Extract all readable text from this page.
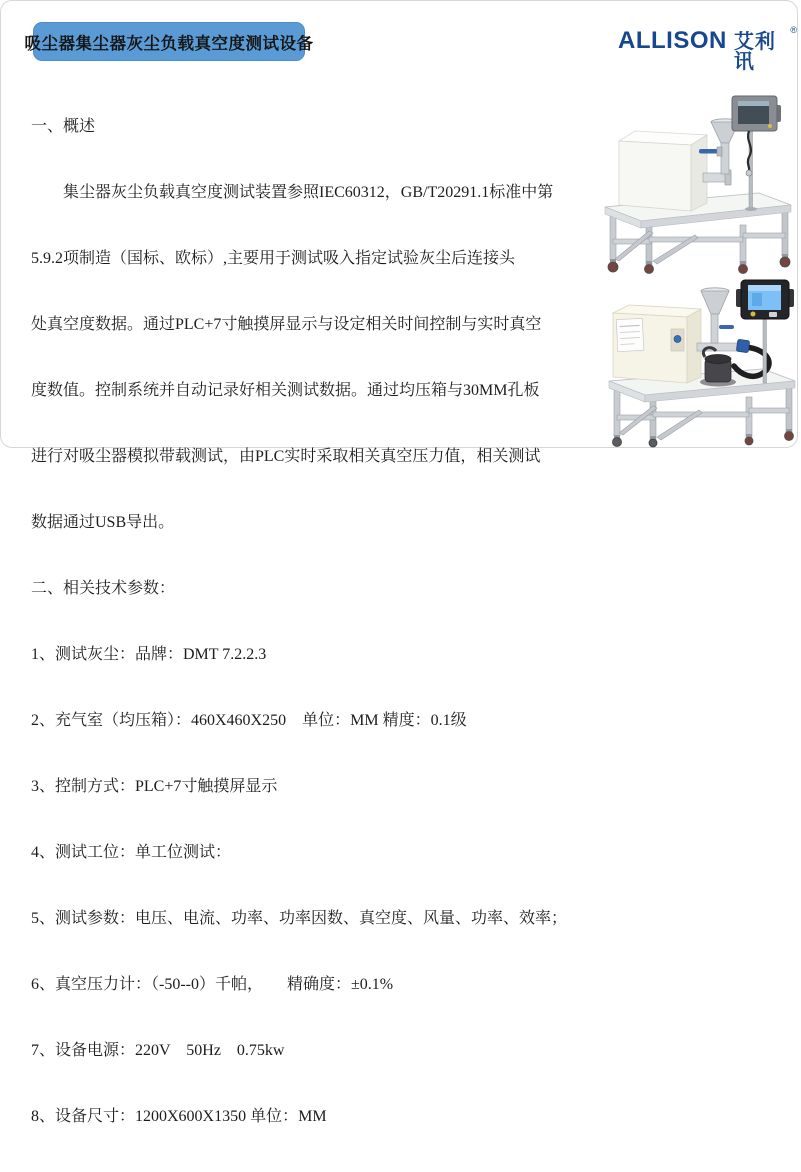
吸尘器集尘器灰尘负载真空度测试设备	ALLISON 艾利讯
®

一、概述

　　集尘器灰尘负载真空度测试装置参照IEC60312，GB/T20291.1标准中第

5.9.2项制造（国标、欧标）,主要用于测试吸入指定试验灰尘后连接头

处真空度数据。通过PLC+7寸触摸屏显示与设定相关时间控制与实时真空

度数值。控制系统并自动记录好相关测试数据。通过均压箱与30MM孔板

进行对吸尘器模拟带载测试，由PLC实时采取相关真空压力值，相关测试

数据通过USB导出。

二、相关技术参数：

1、测试灰尘：品牌：DMT 7.2.2.3

2、充气室（均压箱）：460X460X250　单位：MM 精度：0.1级

3、控制方式：PLC+7寸触摸屏显示

4、测试工位：单工位测试：

5、测试参数：电压、电流、功率、功率因数、真空度、风量、功率、效率；

6、真空压力计：（-50--0）千帕，　　精确度：±0.1%

7、设备电源：220V　50Hz　0.75kw

8、设备尺寸：1200X600X1350 单位：MM
